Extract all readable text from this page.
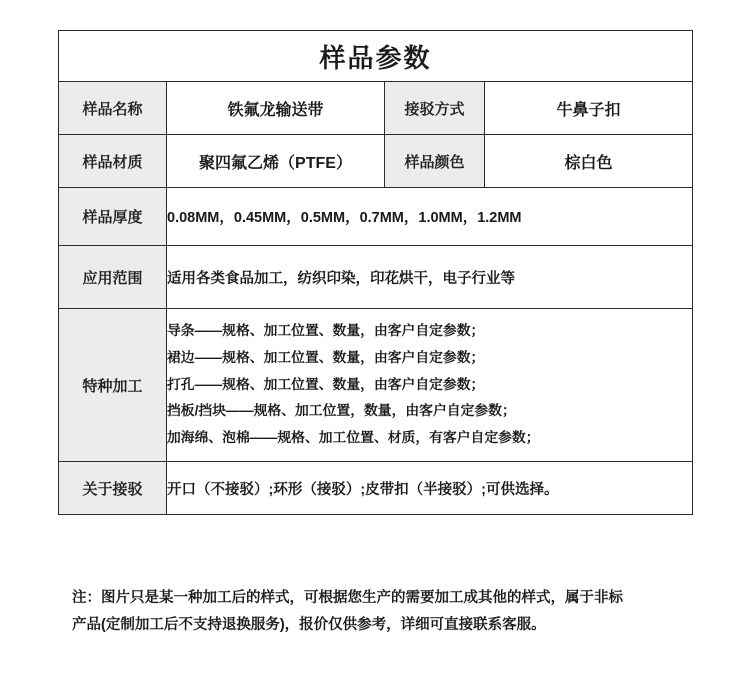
样品参数			
样品名称	铁氟龙输送带	接驳方式	牛鼻子扣
样品材质	聚四氟乙烯（PTFE）	样品颜色	棕白色
样品厚度	0.08MM，0.45MM，0.5MM，0.7MM，1.0MM，1.2MM		
应用范围	适用各类食品加工，纺织印染，印花烘干，电子行业等		
特种加工	导条——规格、加工位置、数量，由客户自定参数；
裙边——规格、加工位置、数量，由客户自定参数；
打孔——规格、加工位置、数量，由客户自定参数；
挡板/挡块——规格、加工位置，数量，由客户自定参数；
加海绵、泡棉——规格、加工位置、材质，有客户自定参数；		

关于接驳	开口（不接驳）;环形（接驳）;皮带扣（半接驳）;可供选择。		
注：图片只是某一种加工后的样式，可根据您生产的需要加工成其他的样式，属于非标
产品(定制加工后不支持退换服务)，报价仅供参考，详细可直接联系客服。
